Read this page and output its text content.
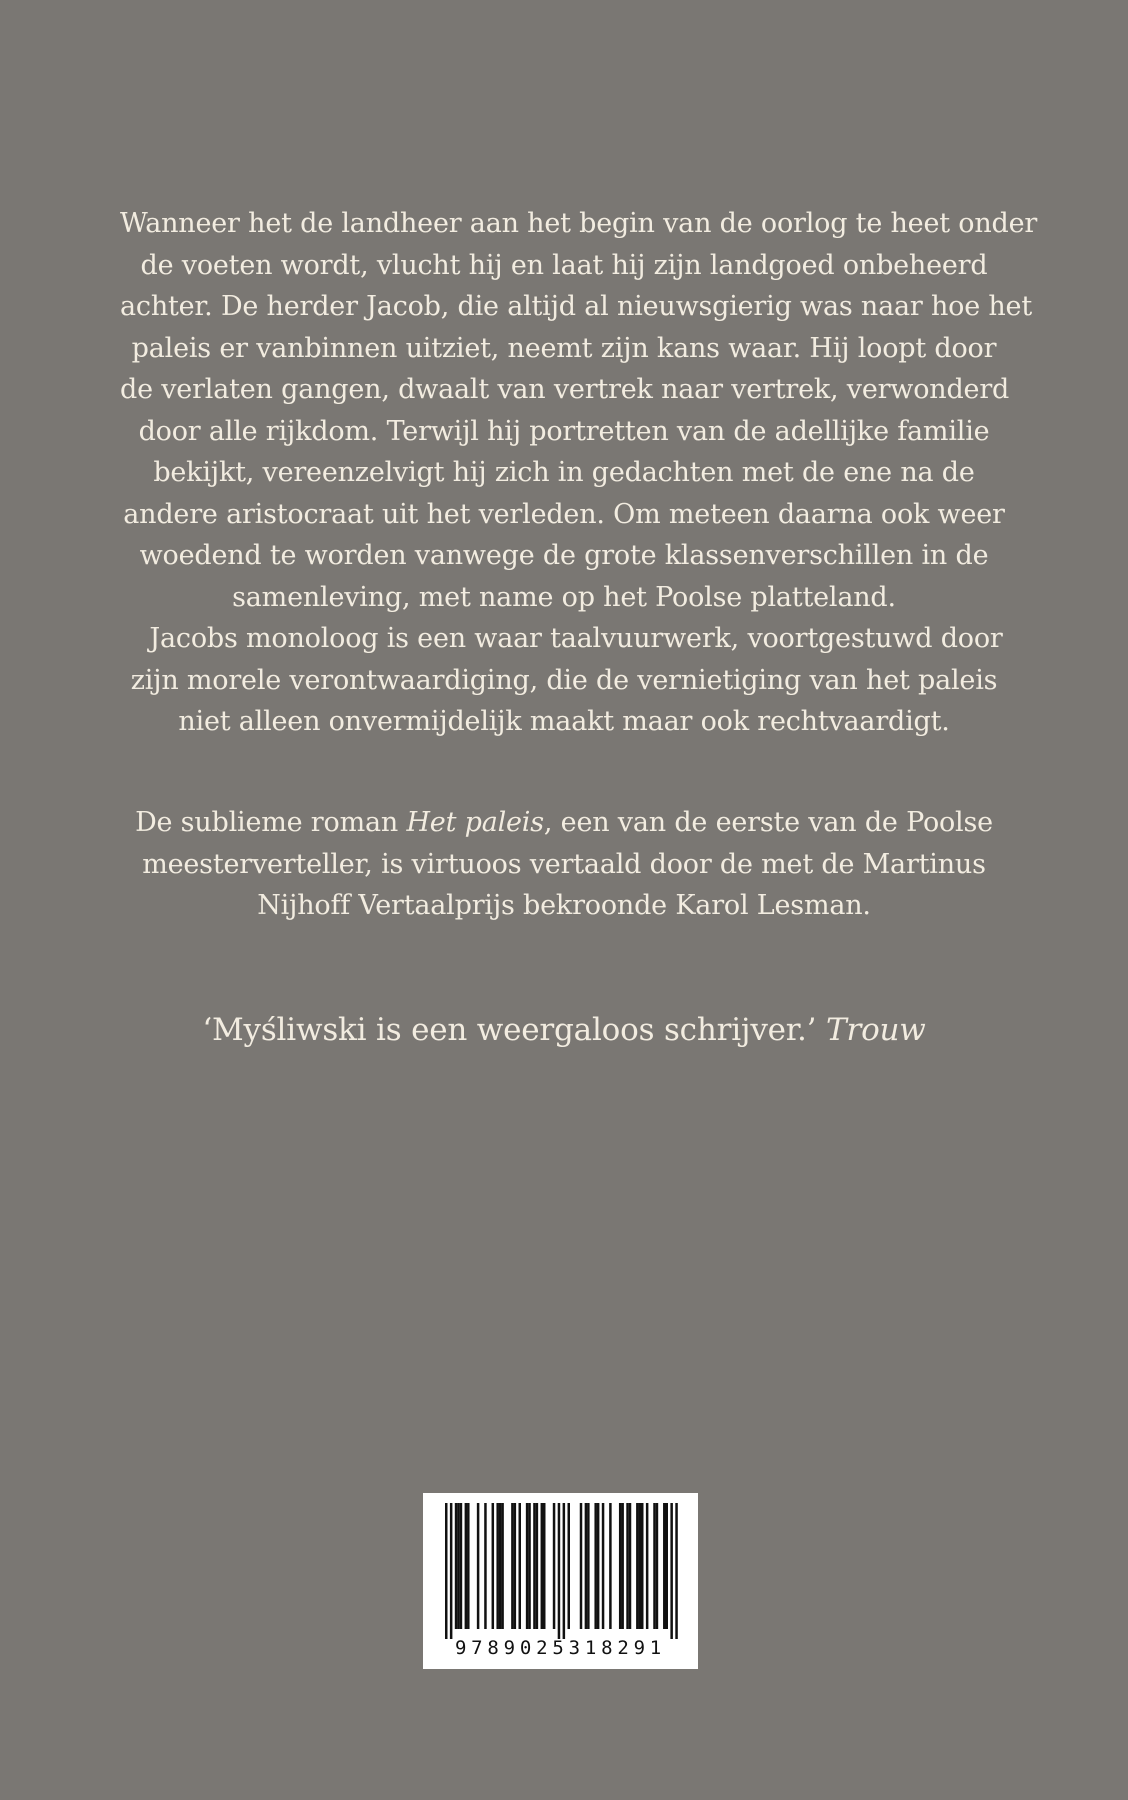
Wanneer het de landheer aan het begin van de oorlog te heet onder
de voeten wordt, vlucht hij en laat hij zijn landgoed onbeheerd
achter. De herder Jacob, die altijd al nieuwsgierig was naar hoe het
paleis er vanbinnen uitziet, neemt zijn kans waar. Hij loopt door
de verlaten gangen, dwaalt van vertrek naar vertrek, verwonderd
door alle rijkdom. Terwijl hij portretten van de adellijke familie
bekijkt, vereenzelvigt hij zich in gedachten met de ene na de
andere aristocraat uit het verleden. Om meteen daarna ook weer
woedend te worden vanwege de grote klassenverschillen in de
samenleving, met name op het Poolse platteland.
Jacobs monoloog is een waar taalvuurwerk, voortgestuwd door
zijn morele verontwaardiging, die de vernietiging van het paleis
niet alleen onvermijdelijk maakt maar ook rechtvaardigt.
De sublieme roman Het paleis, een van de eerste van de Poolse
meesterverteller, is virtuoos vertaald door de met de Martinus
Nijhoff Vertaalprijs bekroonde Karol Lesman.
‘Myśliwski is een weergaloos schrijver.’ Trouw
9789025318291
